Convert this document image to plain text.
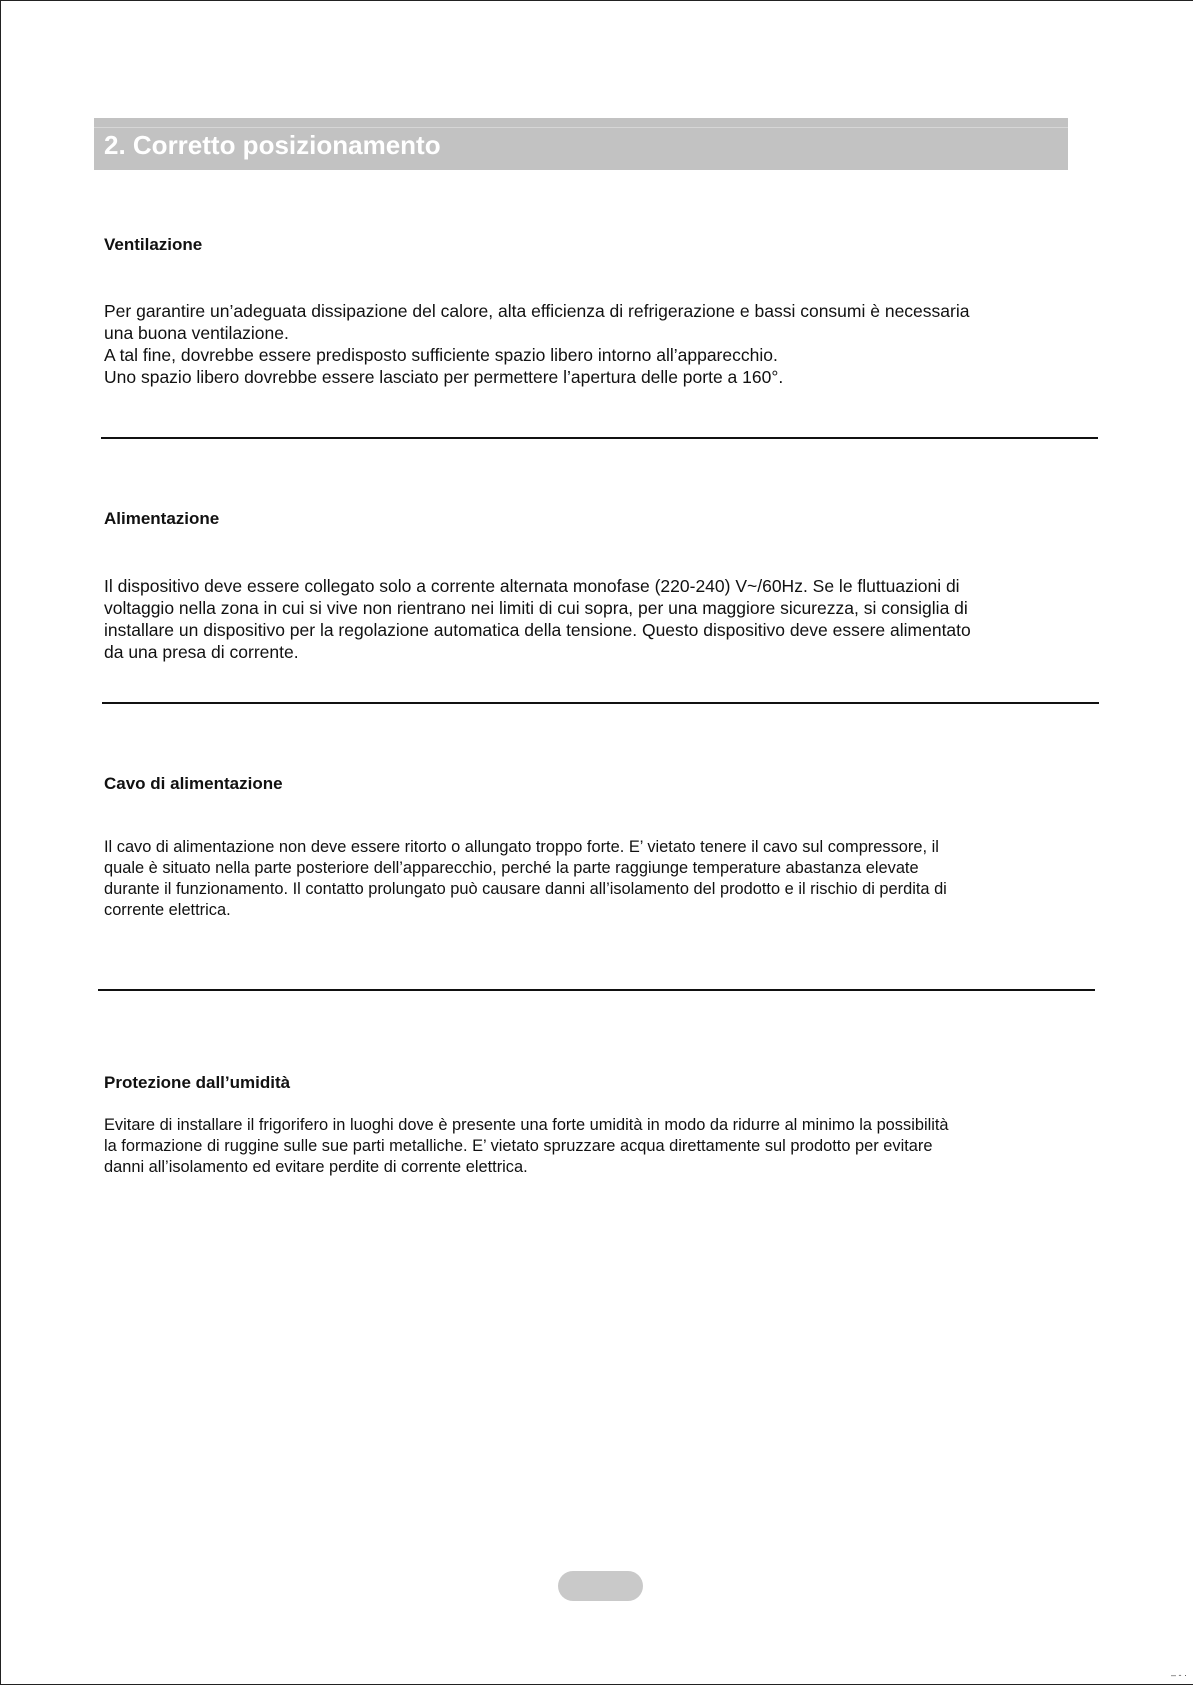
2. Corretto posizionamento
Ventilazione
Per garantire un’adeguata dissipazione del calore, alta efficienza di refrigerazione e bassi consumi è necessaria
una buona ventilazione.
A tal fine, dovrebbe essere predisposto sufficiente spazio libero intorno all’apparecchio.
Uno spazio libero dovrebbe essere lasciato per permettere l’apertura delle porte a 160°.
Alimentazione
Il dispositivo deve essere collegato solo a corrente alternata monofase (220-240) V~/60Hz. Se le fluttuazioni di
voltaggio nella zona in cui si vive non rientrano nei limiti di cui sopra, per una maggiore sicurezza, si consiglia di
installare un dispositivo per la regolazione automatica della tensione. Questo dispositivo deve essere alimentato
da una presa di corrente.
Cavo di alimentazione
Il cavo di alimentazione non deve essere ritorto o allungato troppo forte. E’ vietato tenere il cavo sul compressore, il
quale è situato nella parte posteriore dell’apparecchio, perché la parte raggiunge temperature abastanza elevate
durante il funzionamento. Il contatto prolungato può causare danni all’isolamento del prodotto e il rischio di perdita di
corrente elettrica.
Protezione dall’umidità
Evitare di installare il frigorifero in luoghi dove è presente una forte umidità in modo da ridurre al minimo la possibilità
la formazione di ruggine sulle sue parti metalliche. E’ vietato spruzzare acqua direttamente sul prodotto per evitare
danni all’isolamento ed evitare perdite di corrente elettrica.
– - ·
